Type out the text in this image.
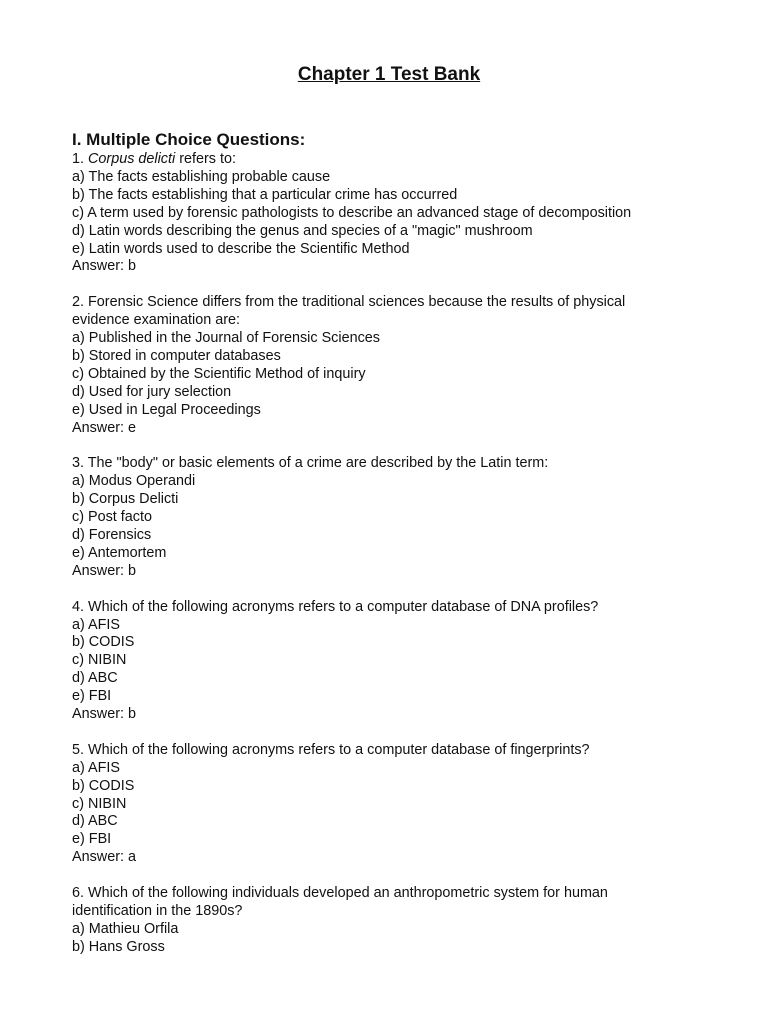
Chapter 1 Test Bank
I. Multiple Choice Questions:
1. Corpus delicti refers to:
a) The facts establishing probable cause
b) The facts establishing that a particular crime has occurred
c) A term used by forensic pathologists to describe an advanced stage of decomposition
d) Latin words describing the genus and species of a "magic" mushroom
e) Latin words used to describe the Scientific Method
Answer: b
2. Forensic Science differs from the traditional sciences because the results of physical
evidence examination are:
a) Published in the Journal of Forensic Sciences
b) Stored in computer databases
c) Obtained by the Scientific Method of inquiry
d) Used for jury selection
e) Used in Legal Proceedings
Answer: e
3. The "body" or basic elements of a crime are described by the Latin term:
a) Modus Operandi
b) Corpus Delicti
c) Post facto
d) Forensics
e) Antemortem
Answer: b
4. Which of the following acronyms refers to a computer database of DNA profiles?
a) AFIS
b) CODIS
c) NIBIN
d) ABC
e) FBI
Answer: b
5. Which of the following acronyms refers to a computer database of fingerprints?
a) AFIS
b) CODIS
c) NIBIN
d) ABC
e) FBI
Answer: a
6. Which of the following individuals developed an anthropometric system for human
identification in the 1890s?
a) Mathieu Orfila
b) Hans Gross
